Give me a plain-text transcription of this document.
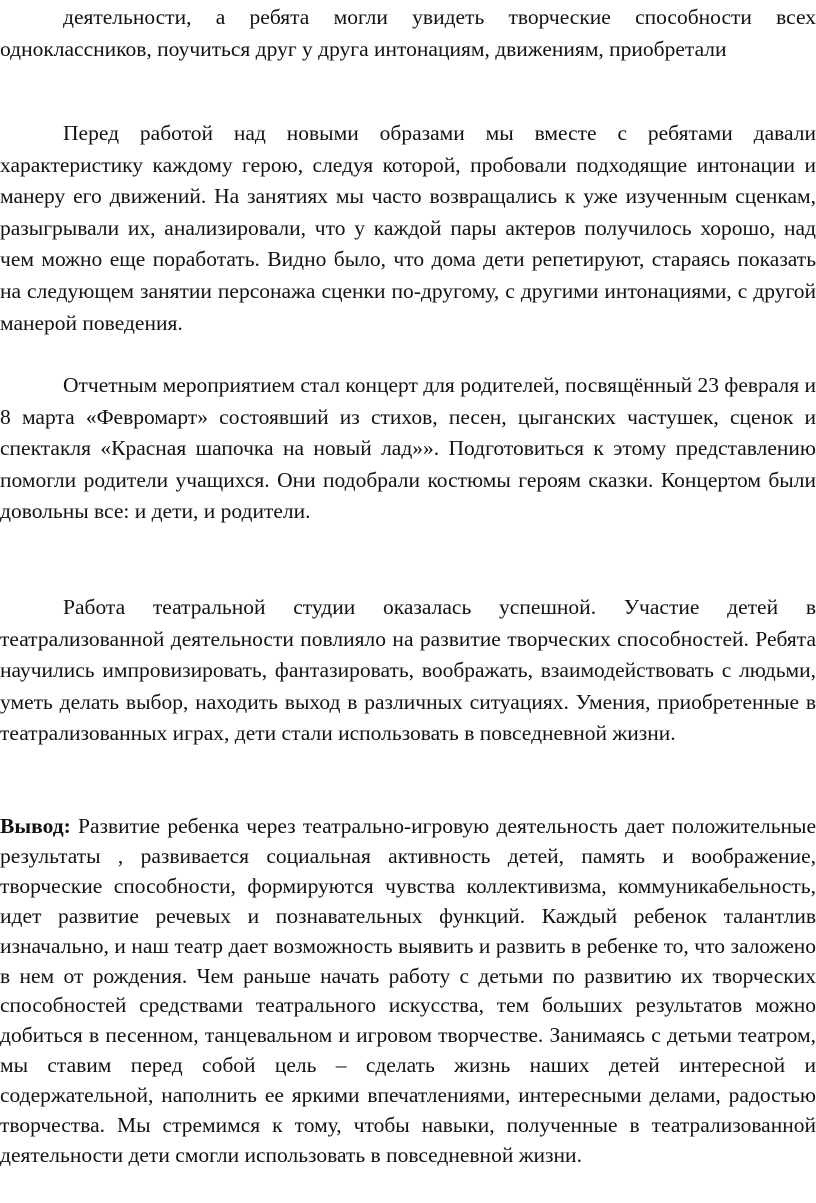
деятельности, а ребята могли увидеть творческие способности всех одноклассников, поучиться друг у друга интонациям, движениям, приобретали

Перед работой над новыми образами мы вместе с ребятами давали характеристику каждому герою, следуя которой, пробовали подходящие интонации и манеру его движений. На занятиях мы часто возвращались к уже изученным сценкам, разыгрывали их, анализировали, что у каждой пары актеров получилось хорошо, над чем можно еще поработать. Видно было, что дома дети репетируют, стараясь показать на следующем занятии персонажа сценки по-другому, с другими интонациями, с другой манерой поведения.

Отчетным мероприятием стал концерт для родителей, посвящённый 23 февраля и 8 марта «Февромарт» состоявший из стихов, песен, цыганских частушек, сценок и спектакля «Красная шапочка на новый лад»». Подготовиться к этому представлению помогли родители учащихся. Они подобрали костюмы героям сказки. Концертом были довольны все: и дети, и родители.

Работа театральной студии оказалась успешной. Участие детей в театрализованной деятельности повлияло на развитие творческих способностей. Ребята научились импровизировать, фантазировать, воображать, взаимодействовать с людьми, уметь делать выбор, находить выход в различных ситуациях. Умения, приобретенные в театрализованных играх, дети стали использовать в повседневной жизни.

Вывод: Развитие ребенка через театрально-игровую деятельность дает положительные результаты , развивается социальная активность детей, память и воображение, творческие способности, формируются чувства коллективизма, коммуникабельность, идет развитие речевых и познавательных функций. Каждый ребенок талантлив изначально, и наш театр дает возможность выявить и развить в ребенке то, что заложено в нем от рождения. Чем раньше начать работу с детьми по развитию их творческих способностей средствами театрального искусства, тем больших результатов можно добиться в песенном, танцевальном и игровом творчестве. Занимаясь с детьми театром, мы ставим перед собой цель – сделать жизнь наших детей интересной и содержательной, наполнить ее яркими впечатлениями, интересными делами, радостью творчества. Мы стремимся к тому, чтобы навыки, полученные в театрализованной деятельности дети смогли использовать в повседневной жизни.
